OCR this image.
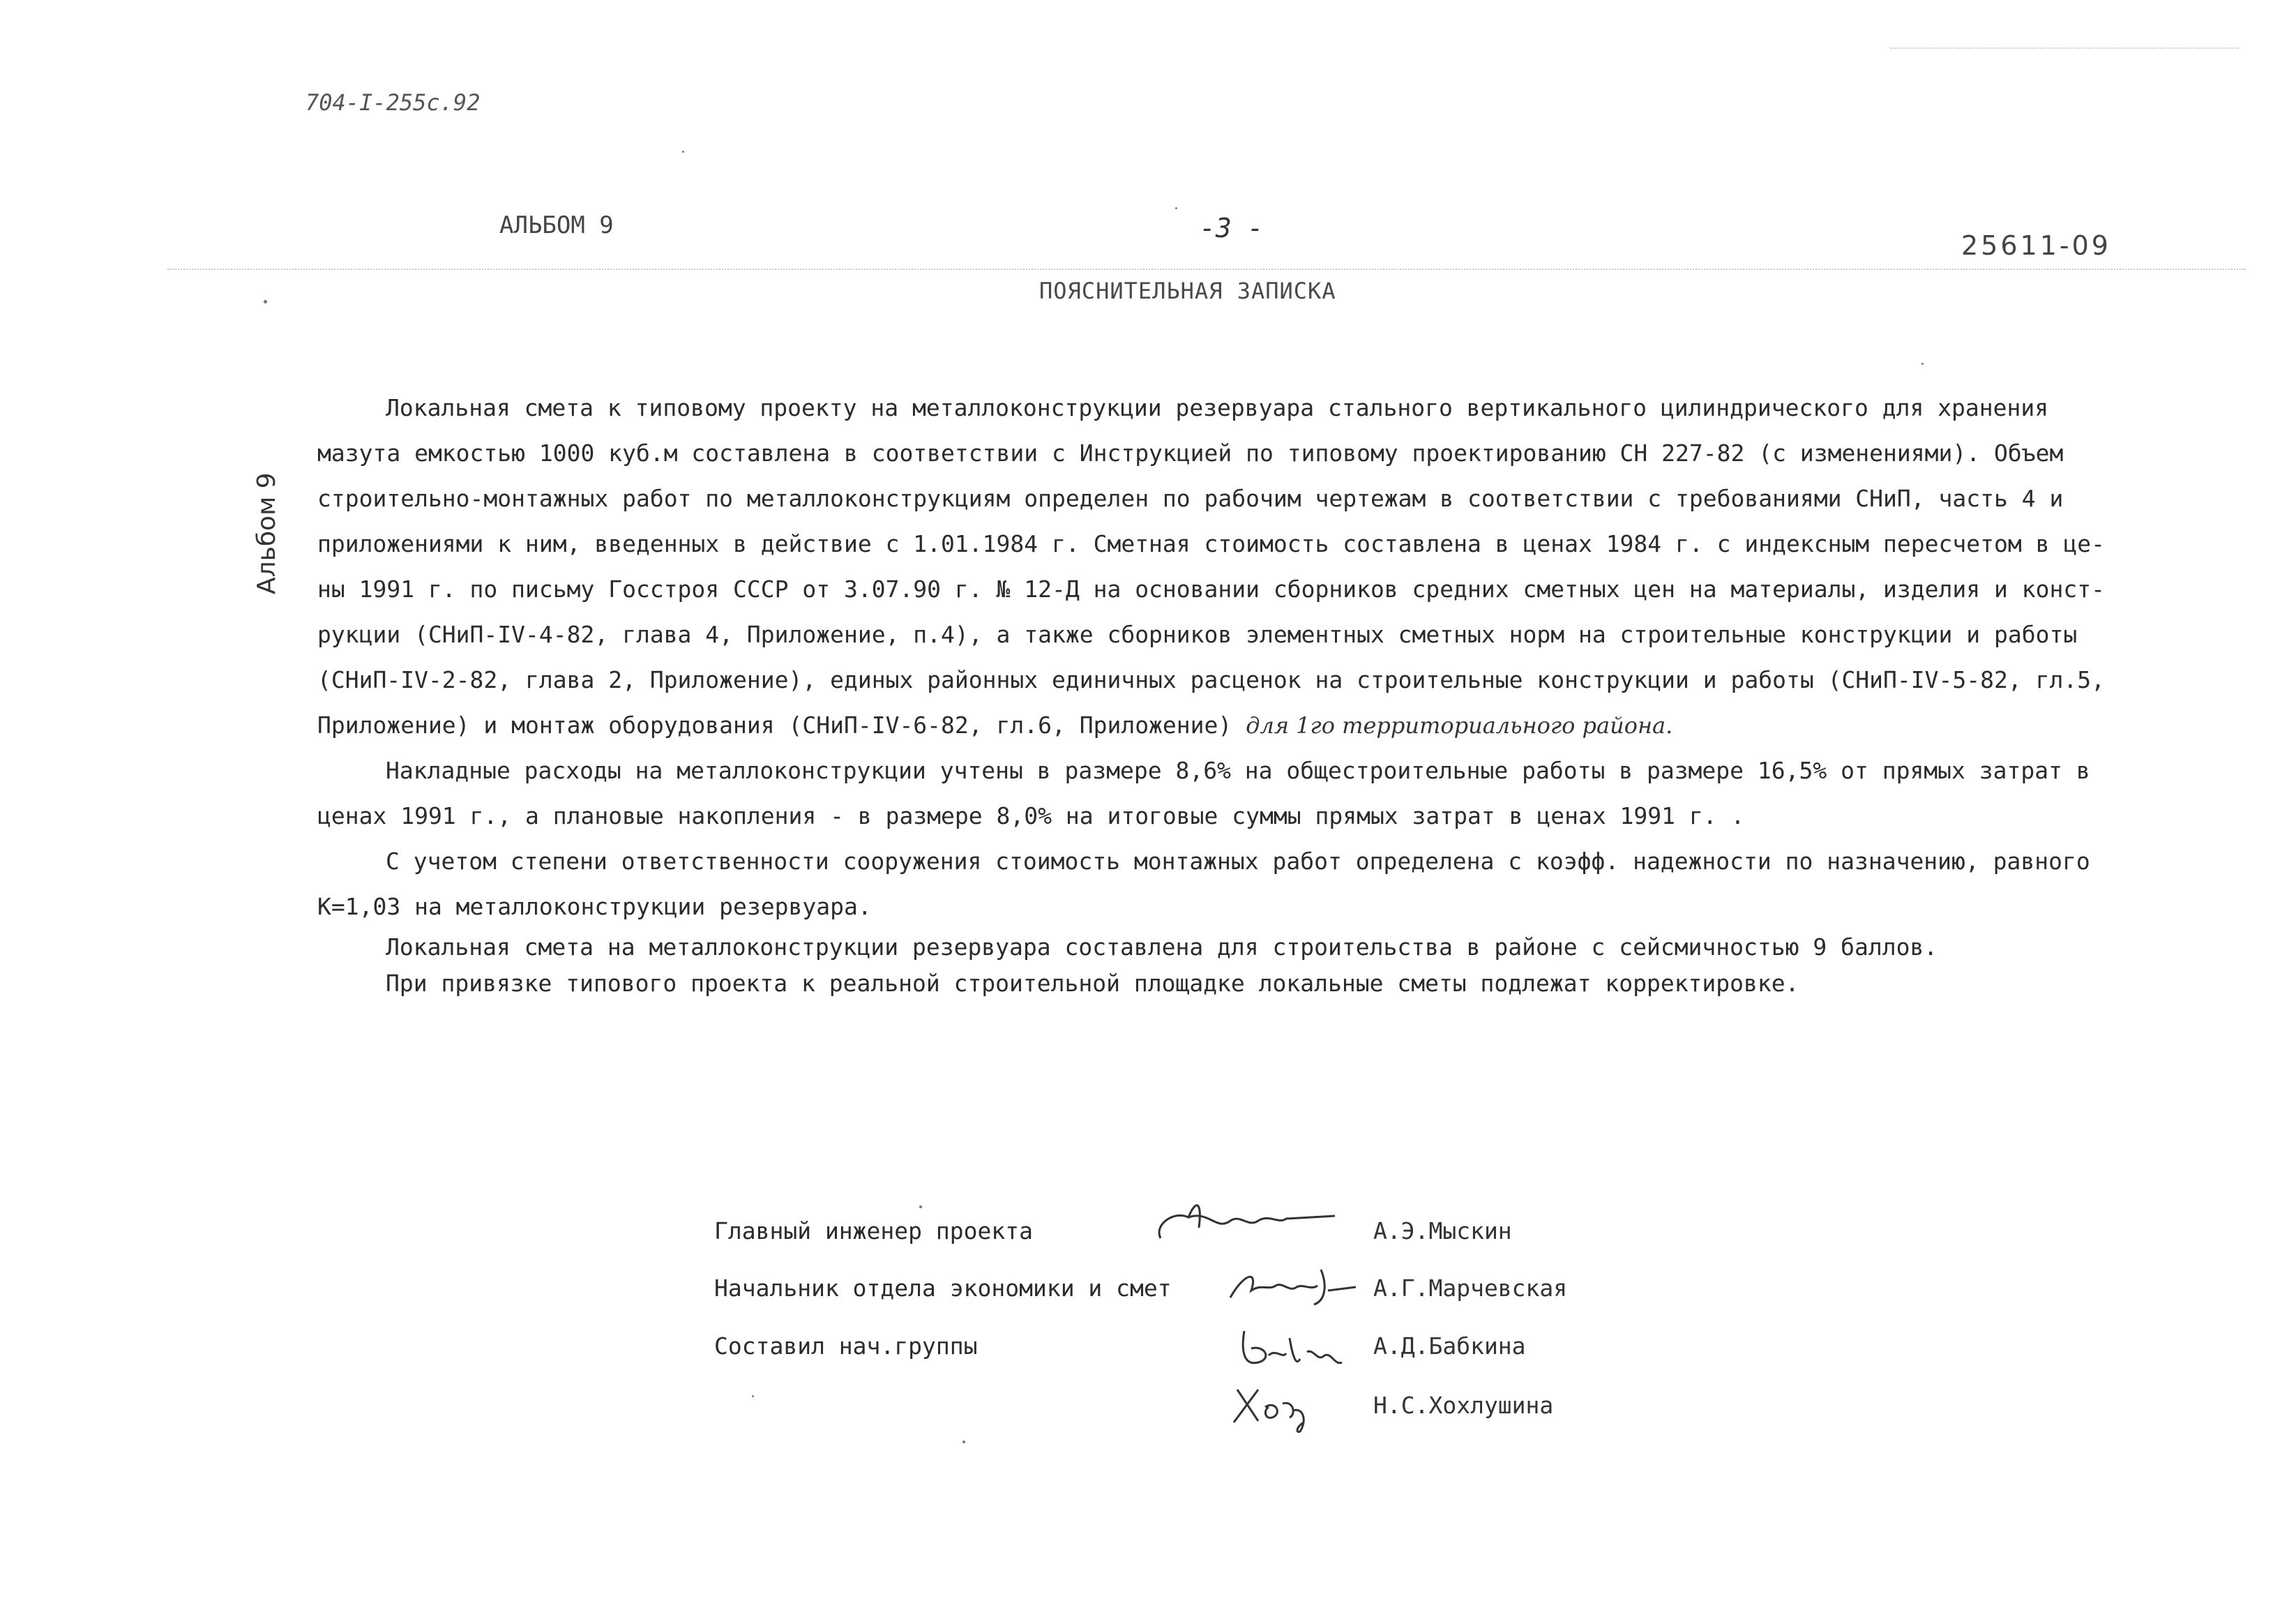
704-I-255с.92
АЛЬБОМ 9	-3 -
25611-09
ПОЯСНИТЕЛЬНАЯ ЗАПИСКА
Альбом 9
Локальная смета к типовому проекту на металлоконструкции резервуара стального вертикального цилиндрического для хранения
мазута емкостью 1000 куб.м составлена в соответствии с Инструкцией по типовому проектированию СН 227-82 (с изменениями). Объем
строительно-монтажных работ по металлоконструкциям определен по рабочим чертежам в соответствии с требованиями СНиП, часть 4 и
приложениями к ним, введенных в действие с 1.01.1984 г. Сметная стоимость составлена в ценах 1984 г. с индексным пересчетом в це-
ны 1991 г. по письму Госстроя СССР от 3.07.90 г. № 12-Д на основании сборников средних сметных цен на материалы, изделия и конст-
рукции (СНиП-IV-4-82, глава 4, Приложение, п.4), а также сборников элементных сметных норм на строительные конструкции и работы
(СНиП-IV-2-82, глава 2, Приложение), единых районных единичных расценок на строительные конструкции и работы (СНиП-IV-5-82, гл.5,
Приложение) и монтаж оборудования (СНиП-IV-6-82, гл.6, Приложение) для 1го территориального района.
Накладные расходы на металлоконструкции учтены в размере 8,6% на общестроительные работы в размере 16,5% от прямых затрат в
ценах 1991 г., а плановые накопления - в размере 8,0% на итоговые суммы прямых затрат в ценах 1991 г. .
С учетом степени ответственности сооружения стоимость монтажных работ определена с коэфф. надежности по назначению, равного
К=1,03 на металлоконструкции резервуара.
Локальная смета на металлоконструкции резервуара составлена для строительства в районе с сейсмичностью 9 баллов.
При привязке типового проекта к реальной строительной площадке локальные сметы подлежат корректировке.
Главный инженер проекта	А.Э.Мыскин
Начальник отдела экономики и смет	А.Г.Марчевская
Составил нач.группы	А.Д.Бабкина
Н.С.Хохлушина
